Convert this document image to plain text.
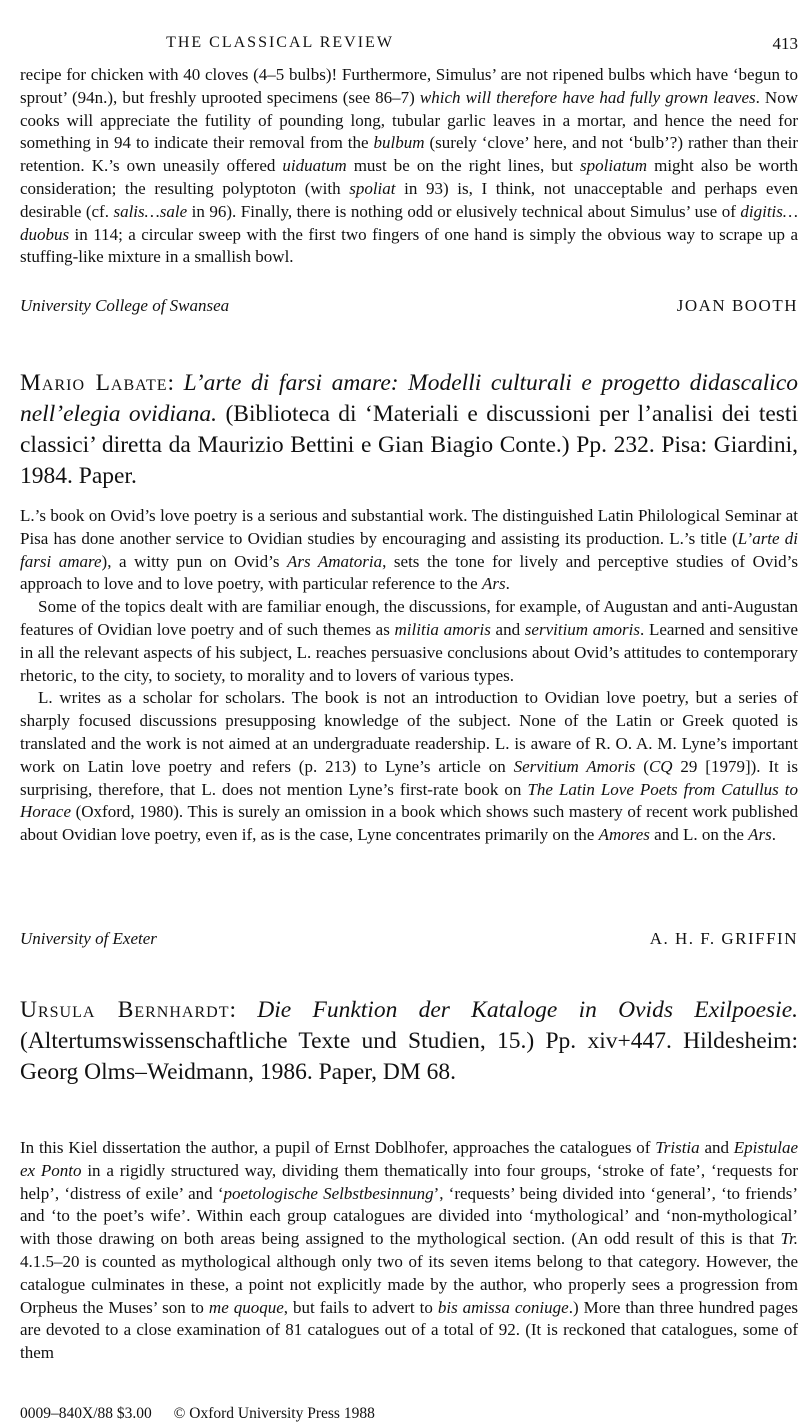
THE CLASSICAL REVIEW	413

recipe for chicken with 40 cloves (4–5 bulbs)! Furthermore, Simulus’ are not ripened bulbs which have ‘begun to sprout’ (94n.), but freshly uprooted specimens (see 86–7) which will therefore have had fully grown leaves. Now cooks will appreciate the futility of pounding long, tubular garlic leaves in a mortar, and hence the need for something in 94 to indicate their removal from the bulbum (surely ‘clove’ here, and not ‘bulb’?) rather than their retention. K.’s own uneasily offered uiduatum must be on the right lines, but spoliatum might also be worth consideration; the resulting polyptoton (with spoliat in 93) is, I think, not unacceptable and perhaps even desirable (cf. salis…sale in 96). Finally, there is nothing odd or elusively technical about Simulus’ use of digitis…duobus in 114; a circular sweep with the first two fingers of one hand is simply the obvious way to scrape up a stuffing-like mixture in a smallish bowl.

University College of Swansea	JOAN BOOTH
Mario Labate: L’arte di farsi amare: Modelli culturali e progetto didascalico nell’elegia ovidiana. (Biblioteca di ‘Materiali e discussioni per l’analisi dei testi classici’ diretta da Maurizio Bettini e Gian Biagio Conte.) Pp. 232. Pisa: Giardini, 1984. Paper.

L.’s book on Ovid’s love poetry is a serious and substantial work. The distinguished Latin Philological Seminar at Pisa has done another service to Ovidian studies by encouraging and assisting its production. L.’s title (L’arte di farsi amare), a witty pun on Ovid’s Ars Amatoria, sets the tone for lively and perceptive studies of Ovid’s approach to love and to love poetry, with particular reference to the Ars.

Some of the topics dealt with are familiar enough, the discussions, for example, of Augustan and anti-Augustan features of Ovidian love poetry and of such themes as militia amoris and servitium amoris. Learned and sensitive in all the relevant aspects of his subject, L. reaches persuasive conclusions about Ovid’s attitudes to contemporary rhetoric, to the city, to society, to morality and to lovers of various types.

L. writes as a scholar for scholars. The book is not an introduction to Ovidian love poetry, but a series of sharply focused discussions presupposing knowledge of the subject. None of the Latin or Greek quoted is translated and the work is not aimed at an undergraduate readership. L. is aware of R. O. A. M. Lyne’s important work on Latin love poetry and refers (p. 213) to Lyne’s article on Servitium Amoris (CQ 29 [1979]). It is surprising, therefore, that L. does not mention Lyne’s first-rate book on The Latin Love Poets from Catullus to Horace (Oxford, 1980). This is surely an omission in a book which shows such mastery of recent work published about Ovidian love poetry, even if, as is the case, Lyne concentrates primarily on the Amores and L. on the Ars.

University of Exeter	A. H. F. GRIFFIN
Ursula Bernhardt: Die Funktion der Kataloge in Ovids Exilpoesie. (Altertumswissenschaftliche Texte und Studien, 15.) Pp. xiv+447. Hildesheim: Georg Olms–Weidmann, 1986. Paper, DM 68.

In this Kiel dissertation the author, a pupil of Ernst Doblhofer, approaches the catalogues of Tristia and Epistulae ex Ponto in a rigidly structured way, dividing them thematically into four groups, ‘stroke of fate’, ‘requests for help’, ‘distress of exile’ and ‘poetologische Selbstbesinnung’, ‘requests’ being divided into ‘general’, ‘to friends’ and ‘to the poet’s wife’. Within each group catalogues are divided into ‘mythological’ and ‘non-mythological’ with those drawing on both areas being assigned to the mythological section. (An odd result of this is that Tr. 4.1.5–20 is counted as mythological although only two of its seven items belong to that category. However, the catalogue culminates in these, a point not explicitly made by the author, who properly sees a progression from Orpheus the Muses’ son to me quoque, but fails to advert to bis amissa coniuge.) More than three hundred pages are devoted to a close examination of 81 catalogues out of a total of 92. (It is reckoned that catalogues, some of them

0009–840X/88 $3.00 © Oxford University Press 1988
